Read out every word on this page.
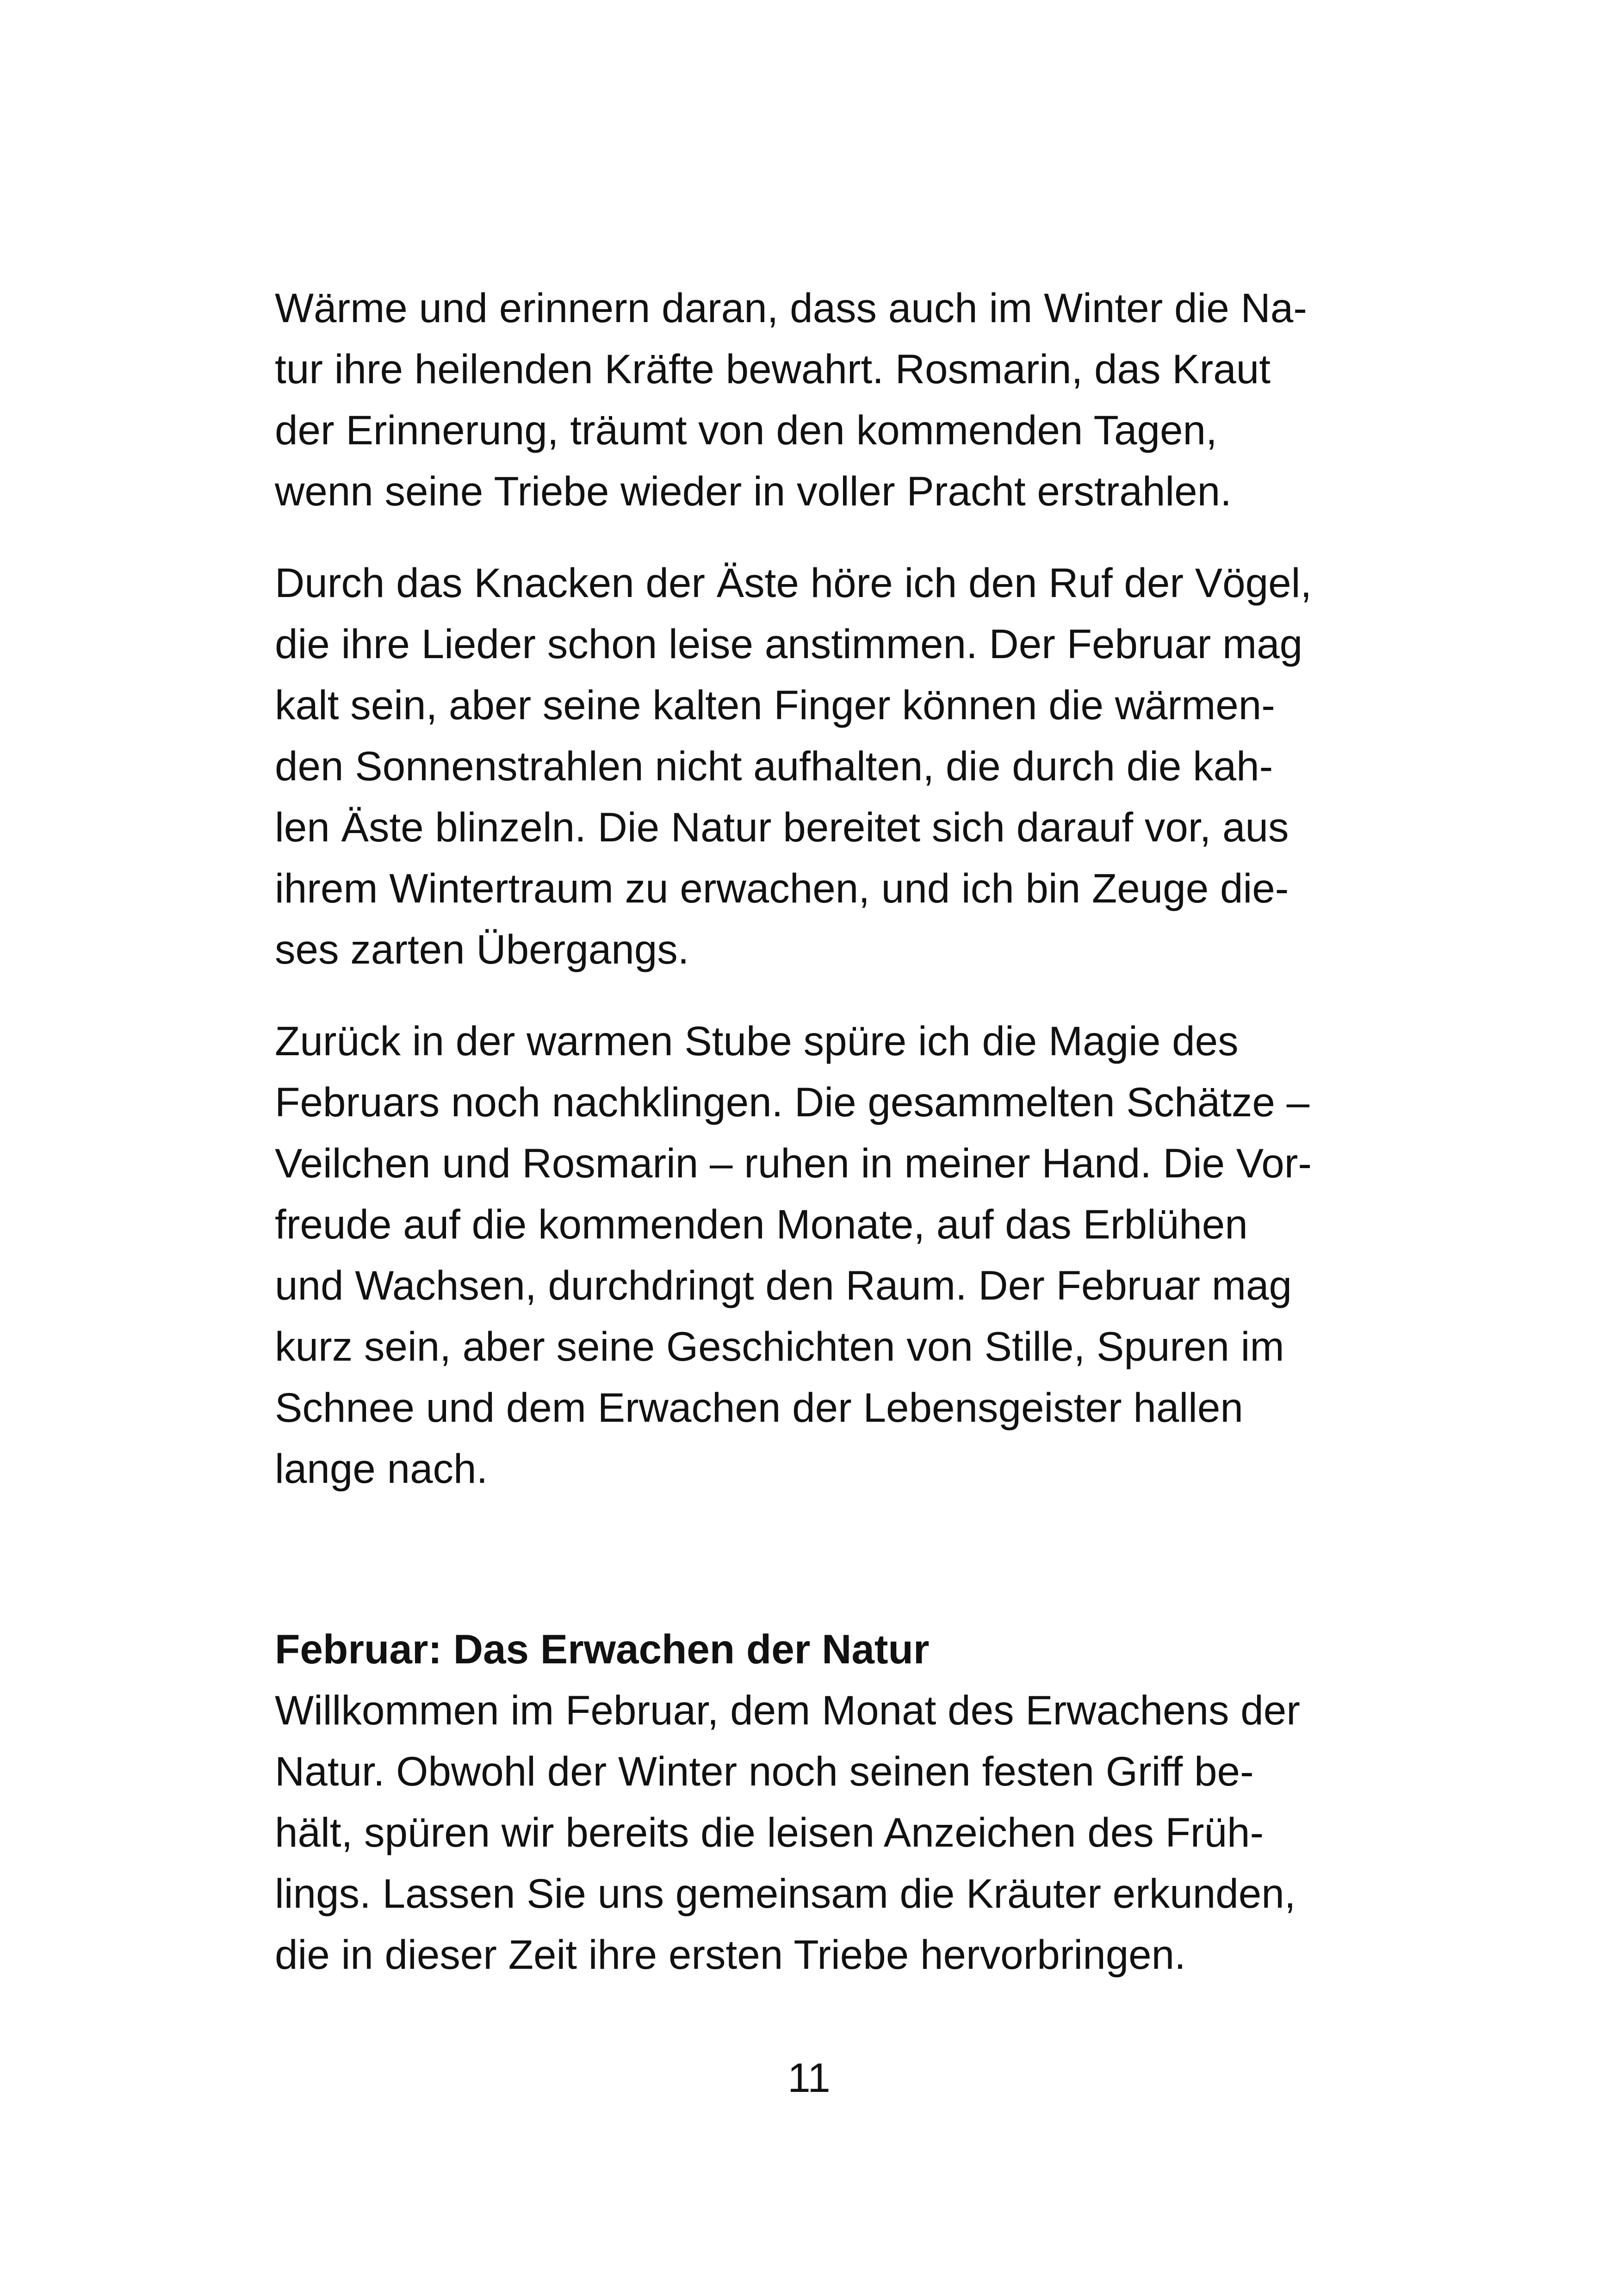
Wärme und erinnern daran, dass auch im Winter die Na-
tur ihre heilenden Kräfte bewahrt. Rosmarin, das Kraut
der Erinnerung, träumt von den kommenden Tagen,
wenn seine Triebe wieder in voller Pracht erstrahlen.
Durch das Knacken der Äste höre ich den Ruf der Vögel,
die ihre Lieder schon leise anstimmen. Der Februar mag
kalt sein, aber seine kalten Finger können die wärmen-
den Sonnenstrahlen nicht aufhalten, die durch die kah-
len Äste blinzeln. Die Natur bereitet sich darauf vor, aus
ihrem Wintertraum zu erwachen, und ich bin Zeuge die-
ses zarten Übergangs.
Zurück in der warmen Stube spüre ich die Magie des
Februars noch nachklingen. Die gesammelten Schätze –
Veilchen und Rosmarin – ruhen in meiner Hand. Die Vor-
freude auf die kommenden Monate, auf das Erblühen
und Wachsen, durchdringt den Raum. Der Februar mag
kurz sein, aber seine Geschichten von Stille, Spuren im
Schnee und dem Erwachen der Lebensgeister hallen
lange nach.
Februar: Das Erwachen der Natur
Willkommen im Februar, dem Monat des Erwachens der
Natur. Obwohl der Winter noch seinen festen Griff be-
hält, spüren wir bereits die leisen Anzeichen des Früh-
lings. Lassen Sie uns gemeinsam die Kräuter erkunden,
die in dieser Zeit ihre ersten Triebe hervorbringen.
11
